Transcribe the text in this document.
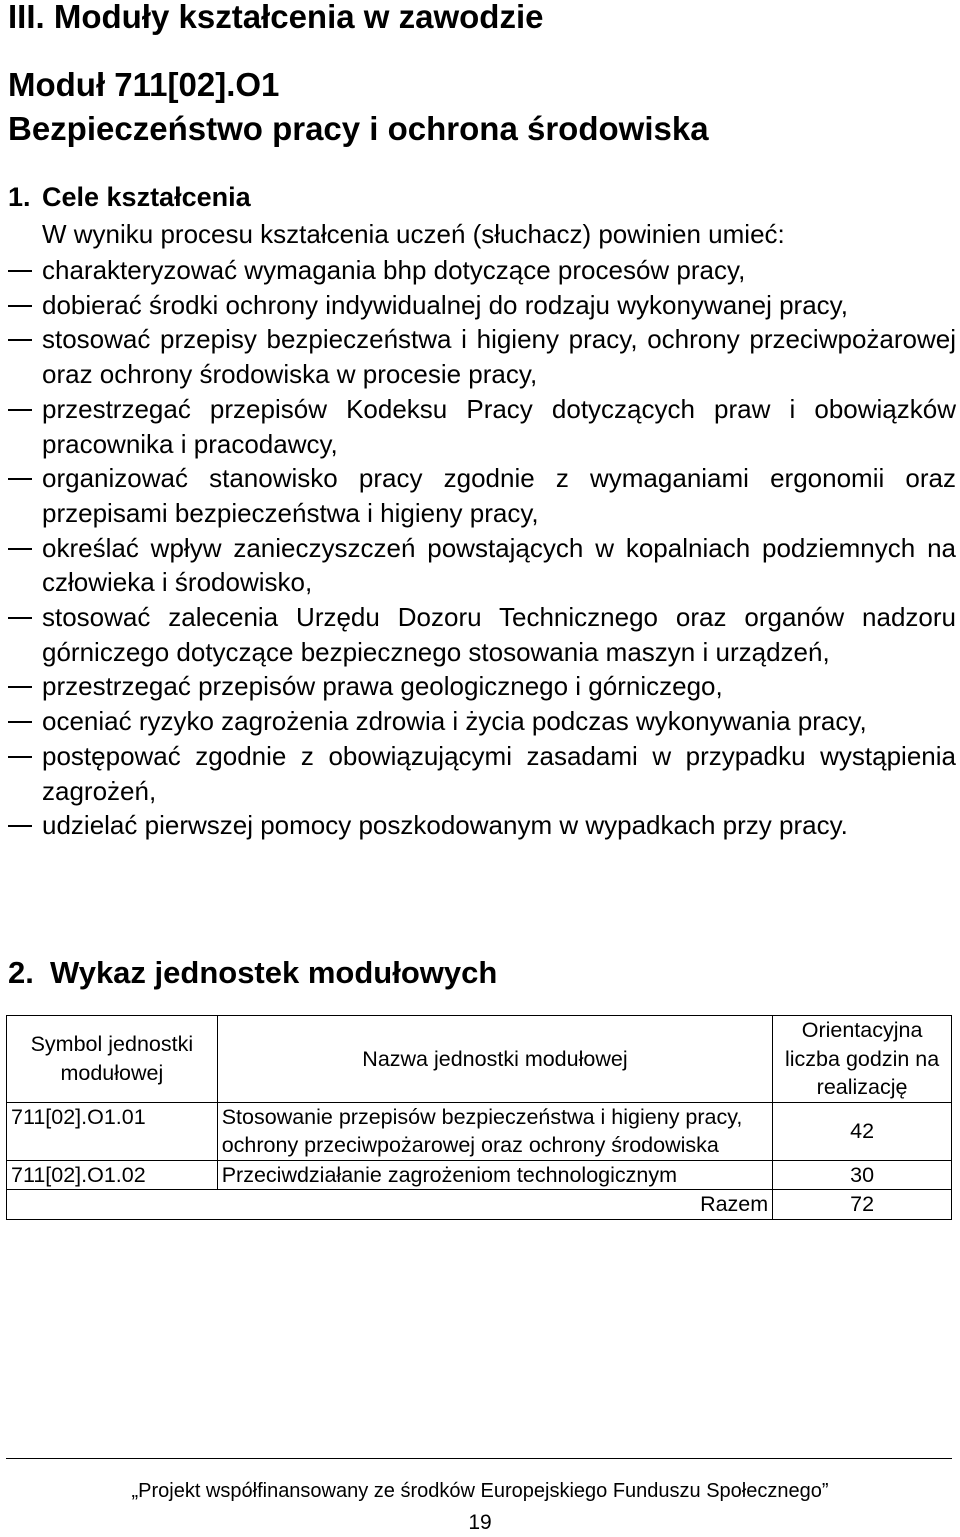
III. Moduły kształcenia w zawodzie
Moduł 711[02].O1
Bezpieczeństwo pracy i ochrona środowiska
1. Cele kształcenia
W wyniku procesu kształcenia uczeń (słuchacz) powinien umieć:
charakteryzować wymagania bhp dotyczące procesów pracy,
dobierać środki ochrony indywidualnej do rodzaju wykonywanej pracy,
stosować przepisy bezpieczeństwa i higieny pracy, ochrony przeciwpożarowej oraz ochrony środowiska w procesie pracy,
przestrzegać przepisów Kodeksu Pracy dotyczących praw i obowiązków pracownika i pracodawcy,
organizować stanowisko pracy zgodnie z wymaganiami ergonomii oraz przepisami bezpieczeństwa i higieny pracy,
określać wpływ zanieczyszczeń powstających w kopalniach podziemnych na człowieka i środowisko,
stosować zalecenia Urzędu Dozoru Technicznego oraz organów nadzoru górniczego dotyczące bezpiecznego stosowania maszyn i urządzeń,
przestrzegać przepisów prawa geologicznego i górniczego,
oceniać ryzyko zagrożenia zdrowia i życia podczas wykonywania pracy,
postępować zgodnie z obowiązującymi zasadami w przypadku wystąpienia zagrożeń,
udzielać pierwszej pomocy poszkodowanym w wypadkach przy pracy.
2. Wykaz jednostek modułowych
Symbol jednostki modułowej	Nazwa jednostki modułowej	Orientacyjna liczba godzin na realizację
711[02].O1.01	Stosowanie przepisów bezpieczeństwa i higieny pracy, ochrony przeciwpożarowej oraz ochrony środowiska	42
711[02].O1.02	Przeciwdziałanie zagrożeniom technologicznym	30
Razem		72
„Projekt współfinansowany ze środków Europejskiego Funduszu Społecznego”
19
